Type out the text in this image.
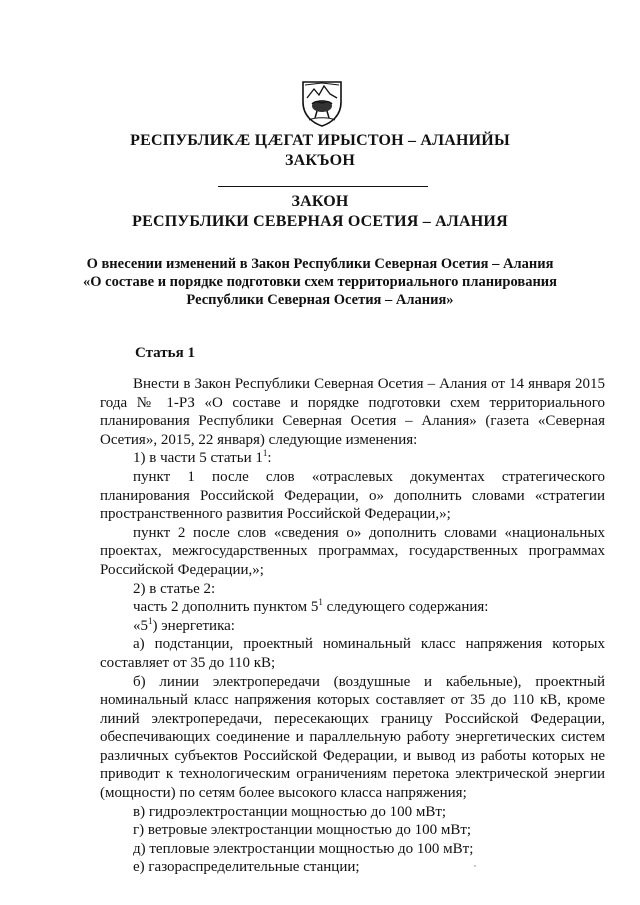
РЕСПУБЛИКӔ ЦӔГАТ ИРЫСТОН – АЛАНИЙЫ
ЗАКЪОН
ЗАКОН
РЕСПУБЛИКИ СЕВЕРНАЯ ОСЕТИЯ – АЛАНИЯ
О внесении изменений в Закон Республики Северная Осетия – Алания
«О составе и порядке подготовки схем территориального планирования
Республики Северная Осетия – Алания»
Статья 1

Внести в Закон Республики Северная Осетия – Алания от 14 января 2015 года № 1-РЗ «О составе и порядке подготовки схем территориального планирования Республики Северная Осетия – Алания» (газета «Северная Осетия», 2015, 22 января) следующие изменения:

1) в части 5 статьи $1^1$:

пункт 1 после слов «отраслевых документах стратегического планирования Российской Федерации, о» дополнить словами «стратегии пространственного развития Российской Федерации,»;

пункт 2 после слов «сведения о» дополнить словами «национальных проектах, межгосударственных программах, государственных программах Российской Федерации,»;

2) в статье 2:

часть 2 дополнить пунктом $5^1$ следующего содержания:

«$5^1$) энергетика:

а) подстанции, проектный номинальный класс напряжения которых составляет от 35 до 110 кВ;

б) линии электропередачи (воздушные и кабельные), проектный номинальный класс напряжения которых составляет от 35 до 110 кВ, кроме линий электропередачи, пересекающих границу Российской Федерации, обеспечивающих соединение и параллельную работу энергетических систем различных субъектов Российской Федерации, и вывод из работы которых не приводит к технологическим ограничениям перетока электрической энергии (мощности) по сетям более высокого класса напряжения;

в) гидроэлектростанции мощностью до 100 мВт;

г) ветровые электростанции мощностью до 100 мВт;

д) тепловые электростанции мощностью до 100 мВт;

е) газораспределительные станции;
